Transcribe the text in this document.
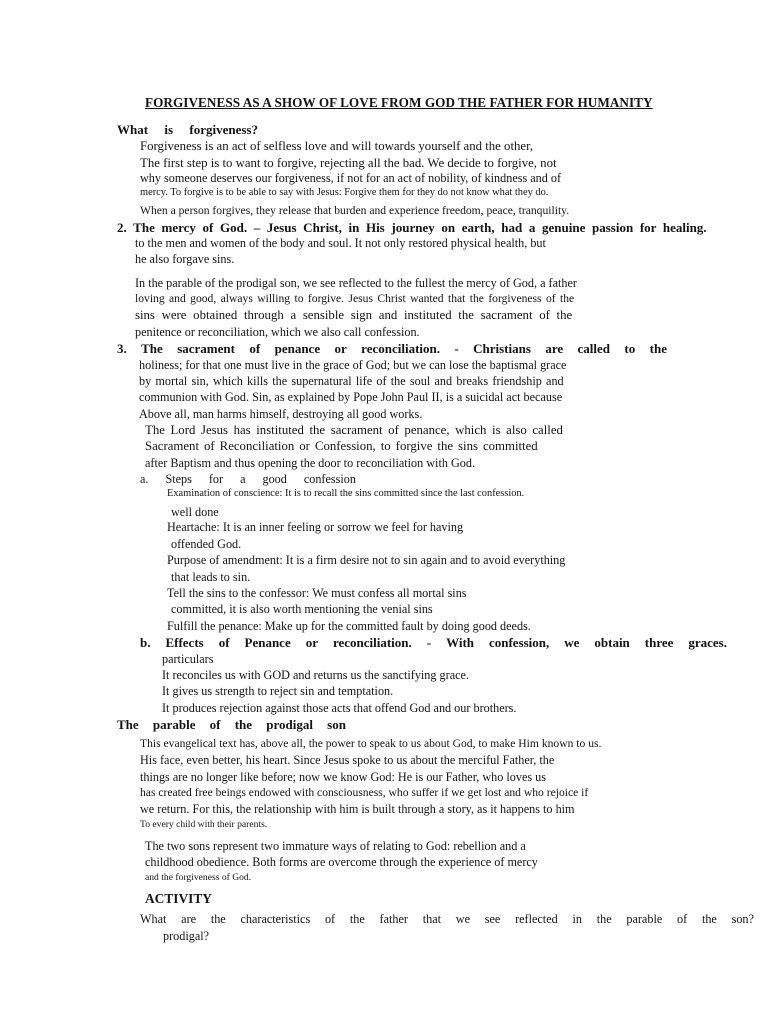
FORGIVENESS AS A SHOW OF LOVE FROM GOD THE FATHER FOR HUMANITY
What is forgiveness?
Forgiveness is an act of selfless love and will towards yourself and the other,
The first step is to want to forgive, rejecting all the bad. We decide to forgive, not
why someone deserves our forgiveness, if not for an act of nobility, of kindness and of
mercy. To forgive is to be able to say with Jesus: Forgive them for they do not know what they do.
When a person forgives, they release that burden and experience freedom, peace, tranquility.
2. The mercy of God. – Jesus Christ, in His journey on earth, had a genuine passion for healing.
to the men and women of the body and soul. It not only restored physical health, but
he also forgave sins.
In the parable of the prodigal son, we see reflected to the fullest the mercy of God, a father
loving and good, always willing to forgive. Jesus Christ wanted that the forgiveness of the
sins were obtained through a sensible sign and instituted the sacrament of the
penitence or reconciliation, which we also call confession.
3. The sacrament of penance or reconciliation. - Christians are called to the
holiness; for that one must live in the grace of God; but we can lose the baptismal grace
by mortal sin, which kills the supernatural life of the soul and breaks friendship and
communion with God. Sin, as explained by Pope John Paul II, is a suicidal act because
Above all, man harms himself, destroying all good works.
The Lord Jesus has instituted the sacrament of penance, which is also called
Sacrament of Reconciliation or Confession, to forgive the sins committed
after Baptism and thus opening the door to reconciliation with God.
a. Steps for a good confession
Examination of conscience: It is to recall the sins committed since the last confession.
well done
Heartache: It is an inner feeling or sorrow we feel for having
offended God.
Purpose of amendment: It is a firm desire not to sin again and to avoid everything
that leads to sin.
Tell the sins to the confessor: We must confess all mortal sins
committed, it is also worth mentioning the venial sins
Fulfill the penance: Make up for the committed fault by doing good deeds.
b. Effects of Penance or reconciliation. - With confession, we obtain three graces.
particulars
It reconciles us with GOD and returns us the sanctifying grace.
It gives us strength to reject sin and temptation.
It produces rejection against those acts that offend God and our brothers.
The parable of the prodigal son
This evangelical text has, above all, the power to speak to us about God, to make Him known to us.
His face, even better, his heart. Since Jesus spoke to us about the merciful Father, the
things are no longer like before; now we know God: He is our Father, who loves us
has created free beings endowed with consciousness, who suffer if we get lost and who rejoice if
we return. For this, the relationship with him is built through a story, as it happens to him
To every child with their parents.
The two sons represent two immature ways of relating to God: rebellion and a
childhood obedience. Both forms are overcome through the experience of mercy
and the forgiveness of God.
ACTIVITY
What are the characteristics of the father that we see reflected in the parable of the son?
prodigal?
